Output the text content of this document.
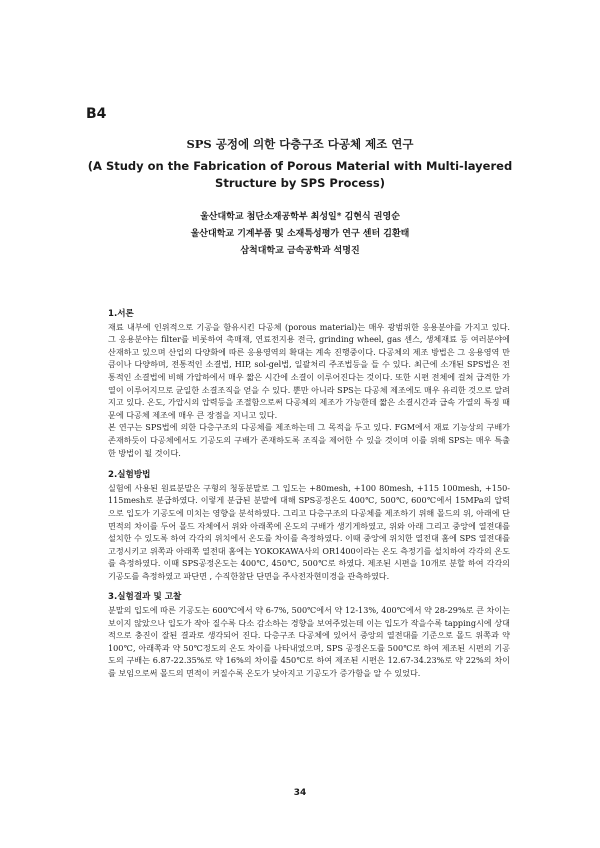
B4
SPS 공정에 의한 다층구조 다공체 제조 연구
(A Study on the Fabrication of Porous Material with Multi-layered
Structure by SPS Process)
울산대학교 첨단소재공학부 최성일* 김현식 권영순
울산대학교 기계부품 및 소재특성평가 연구 센터 김환태
삼척대학교 금속공학과 석명진
1.서론

재료 내부에 인위적으로 기공을 함유시킨 다공체 (porous material)는 매우 광범위한 응용분야를 가지고 있다. 그 응용분야는 filter를 비롯하여 촉매재, 연료전지용 전극, grinding wheel, gas 센스, 생체재료 등 여러분야에 산재하고 있으며 산업의 다양화에 따른 응용영역의 확대는 계속 진행중이다. 다공체의 제조 방법은 그 응용영역 만큼이나 다양하며, 전통적인 소결법, HIP, sol-gel법, 일괄처리 주조법등을 들 수 있다. 최근에 소개된 SPS법은 전통적인 소결법에 비해 가압하에서 매우 짧은 시간에 소결이 이루어진다는 것이다. 또한 시편 전체에 걸쳐 급격한 가열이 이루어지므로 균일한 소결조직을 얻을 수 있다. 뿐만 아니라 SPS는 다공체 제조에도 매우 유리한 것으로 알려지고 있다. 온도, 가압시의 압력등을 조절함으로써 다공체의 제조가 가능한데 짧은 소결시간과 급속 가열의 특징 때문에 다공체 제조에 매우 큰 장점을 지니고 있다.

본 연구는 SPS법에 의한 다층구조의 다공체를 제조하는데 그 목적을 두고 있다. FGM에서 재료 기능상의 구배가 존재하듯이 다공체에서도 기공도의 구배가 존재하도록 조직을 제어한 수 있을 것이며 이를 위해 SPS는 매우 특출한 방법이 될 것이다.

2.실험방법

실험에 사용된 원료분말은 구형의 청동분말로 그 입도는 +80mesh, +100 80mesh, +115 100mesh, +150-115mesh로 분급하였다. 이렇게 분급된 분말에 대해 SPS공정온도 400℃, 500℃, 600℃에서 15MPa의 압력으로 입도가 기공도에 미치는 영향을 분석하였다. 그리고 다층구조의 다공체를 제조하기 위해 몰드의 위, 아래에 단면적의 차이를 두어 몰드 자체에서 위와 아래쪽에 온도의 구배가 생기게하였고, 위와 아래 그리고 중앙에 열전대를 설치한 수 있도록 하여 각각의 위치에서 온도를 차이를 측정하였다. 이때 중앙에 위치한 열전대 홈에 SPS 열전대를 고정시키고 위쪽과 아래쪽 열전대 홈에는 YOKOKAWA사의 OR1400이라는 온도 측정기를 설치하여 각각의 온도를 측정하였다. 이때 SPS공정온도는 400℃, 450℃, 500℃로 하였다. 제조된 시편을 10개로 분할 하여 각각의 기공도를 측정하였고 파단면 , 수직한참단 단면을 주사전자현미경을 관측하였다.

3.실험결과 및 고찰

분말의 입도에 따른 기공도는 600℃에서 약 6-7%, 500℃에서 약 12-13%, 400℃에서 약 28-29%로 큰 차이는 보이지 않았으나 입도가 작아 질수록 다소 감소하는 경향을 보여주었는데 이는 입도가 작을수록 tapping시에 상대적으로 충진이 잘된 결과로 생각되어 진다. 다층구조 다공체에 있어서 중앙의 열전대를 기준으로 몰드 위쪽과 약 100℃, 아래쪽과 약 50℃정도의 온도 차이를 나타내었으며, SPS 공정온도를 500℃로 하여 제조된 시편의 기공도의 구배는 6.87-22.35%로 약 16%의 차이를 450℃로 하여 제조된 시편은 12.67-34.23%로 약 22%의 차이를 보임으로써 몰드의 면적이 커질수록 온도가 낮아지고 기공도가 증가함을 알 수 있었다.

34
